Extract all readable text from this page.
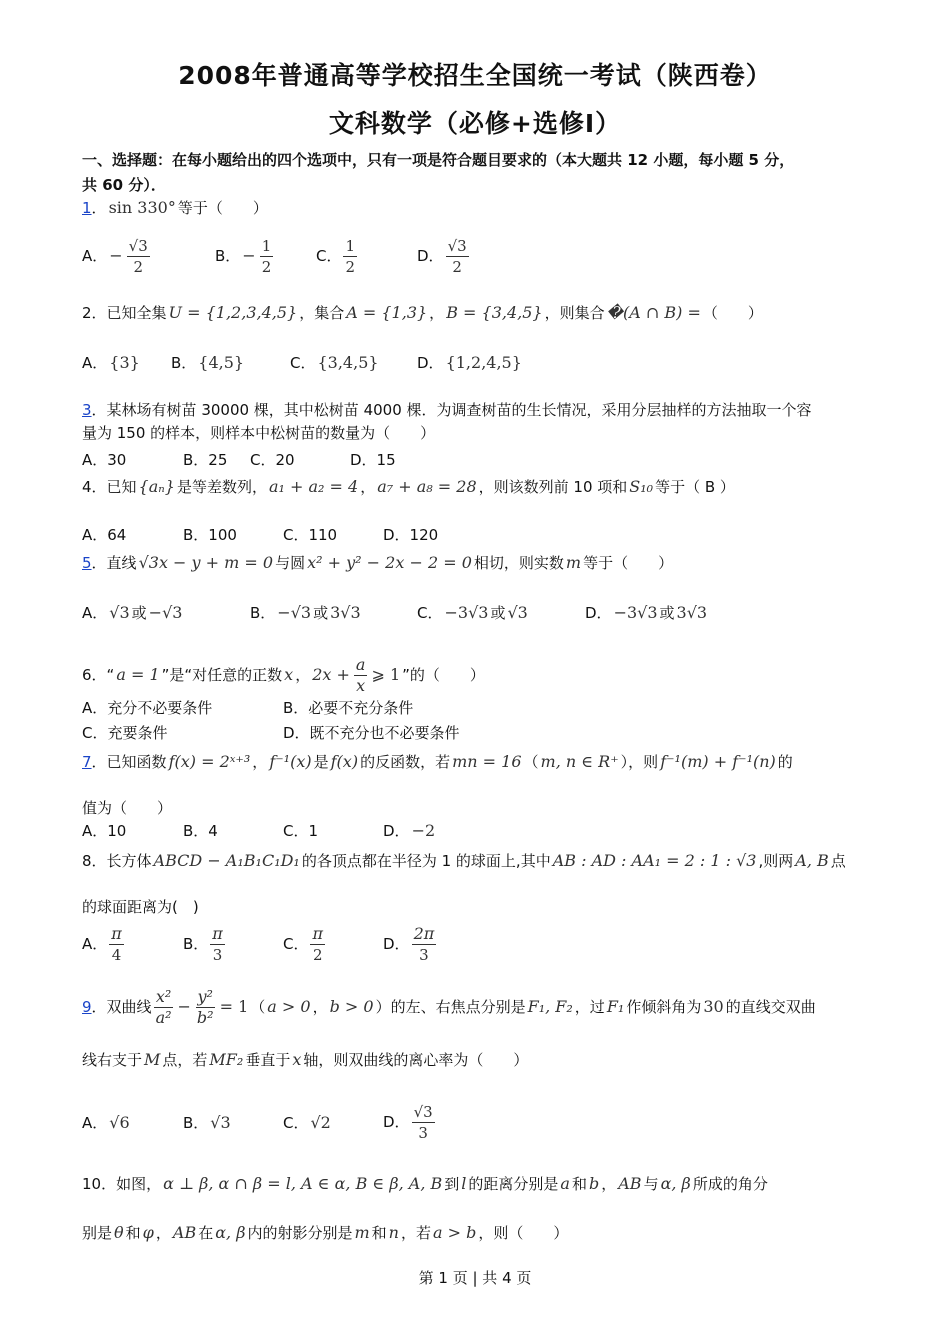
2008年普通高等学校招生全国统一考试（陕西卷）
文科数学（必修+选修Ⅰ）
一、选择题：在每小题给出的四个选项中，只有一项是符合题目要求的（本大题共 12 小题，每小题 5 分，
共 60 分）．
1． sin 330° 等于（　　）
A． − $\frac{√3}{2}$	B． − $\frac{1}{2}$	C． $\frac{1}{2}$	D． $\frac{√3}{2}$
2．已知全集 U = {1,2,3,4,5} ，集合 A = {1,3} ， B = {3,4,5} ，则集合 �(A ∩ B) = （　　）
A． {3} B． {4,5}	C． {3,4,5}	D． {1,2,4,5}
3．某林场有树苗 30000 棵，其中松树苗 4000 棵．为调查树苗的生长情况，采用分层抽样的方法抽取一个容
量为 150 的样本，则样本中松树苗的数量为（　　）
A．30	B．25 C．20	D．15
4．已知 {aₙ} 是等差数列， a₁ + a₂ = 4 ， a₇ + a₈ = 28 ，则该数列前 10 项和 S₁₀ 等于（ B ）
A．64	B．100	C．110	D．120
5．直线 √3x − y + m = 0 与圆 x² + y² − 2x − 2 = 0 相切，则实数 m 等于（　　）
A． √3 或 −√3	B． −√3 或 3√3	C． −3√3 或 √3	D． −3√3 或 3√3
6．“ a = 1 ”是“对任意的正数 x ， $2x + \frac{a}{x}$ ⩾ 1 ”的（　　）
A．充分不必要条件	B．必要不充分条件
C．充要条件	D．既不充分也不必要条件
7．已知函数 f(x) = 2ˣ⁺³ ， f⁻¹(x) 是 f(x) 的反函数，若 mn = 16 （ m, n ∈ R⁺ ），则 f⁻¹(m) + f⁻¹(n) 的
值为（　　）
A．10	B．4	C．1	D． −2
8．长方体 ABCD − A₁B₁C₁D₁ 的各顶点都在半径为 1 的球面上,其中 AB : AD : AA₁ = 2 : 1 : √3 ,则两 A, B 点
的球面距离为(　)
A． $\frac{\pi}{4}$	B． $\frac{\pi}{3}$	C． $\frac{\pi}{2}$	D． $\frac{2\pi}{3}$
9．双曲线 $\frac{\text{x²}}{\text{a²}} - \frac{\text{y²}}{\text{b²}} = 1$ （ a > 0 ， b > 0 ）的左、右焦点分别是 F₁, F₂ ，过 F₁ 作倾斜角为 30 的直线交双曲
线右支于 M 点，若 MF₂ 垂直于 x 轴，则双曲线的离心率为（　　）
A． √6	B． √3	C． √2	D． $\frac{√3}{3}$
10．如图， α ⊥ β, α ∩ β = l, A ∈ α, B ∈ β, A, B 到 l 的距离分别是 a 和 b ， AB 与 α, β 所成的角分
别是 θ 和 φ ， AB 在 α, β 内的射影分别是 m 和 n ，若 a > b ，则（　　）
第 1 页 | 共 4 页
